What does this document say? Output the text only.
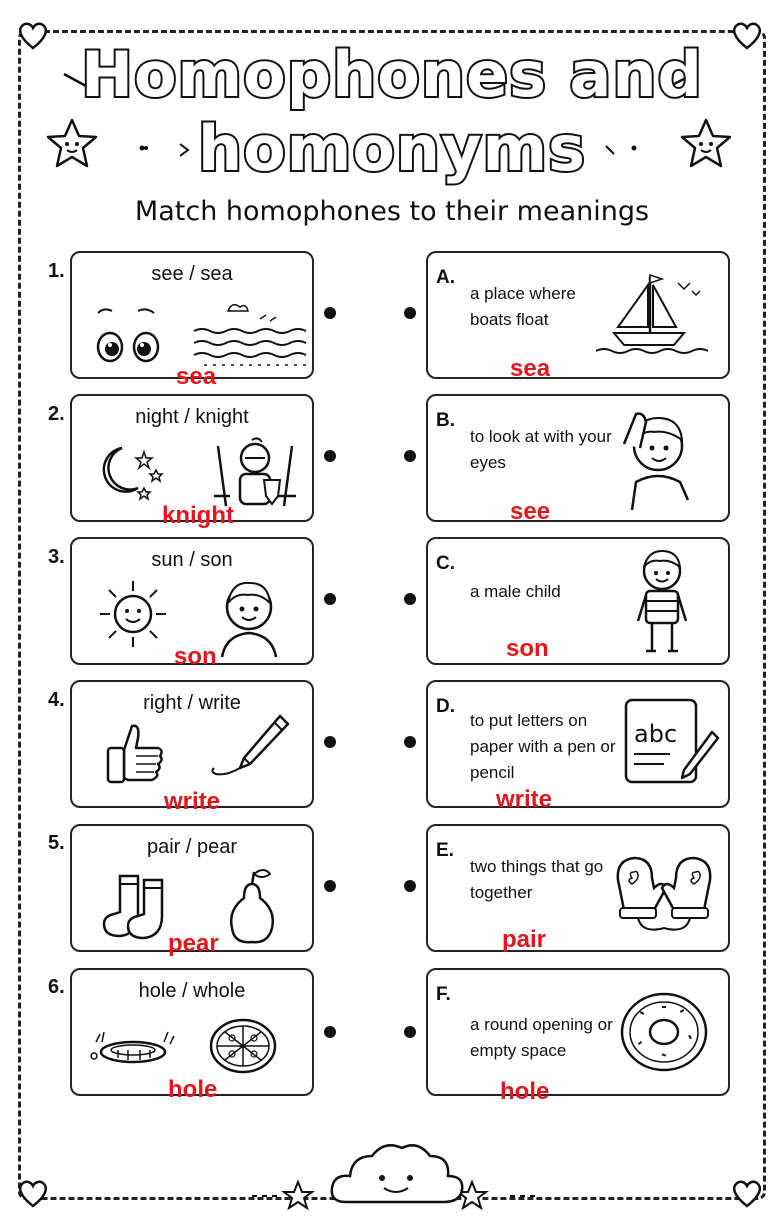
Homophones and
homonyms
Match homophones to their meanings
1.	see / sea
sea
A.
a place where boats float
sea
2.	night / knight
knight
B.
to look at with your eyes
see
3.	sun / son
son
C.
a male child
son
4.	right / write
write
D.
to put letters on paper with a pen or pencil
abc
write
5.	pair / pear
pear
E.
two things that go together
pair
6.	hole / whole
hole
F.
a round opening or empty space
hole
